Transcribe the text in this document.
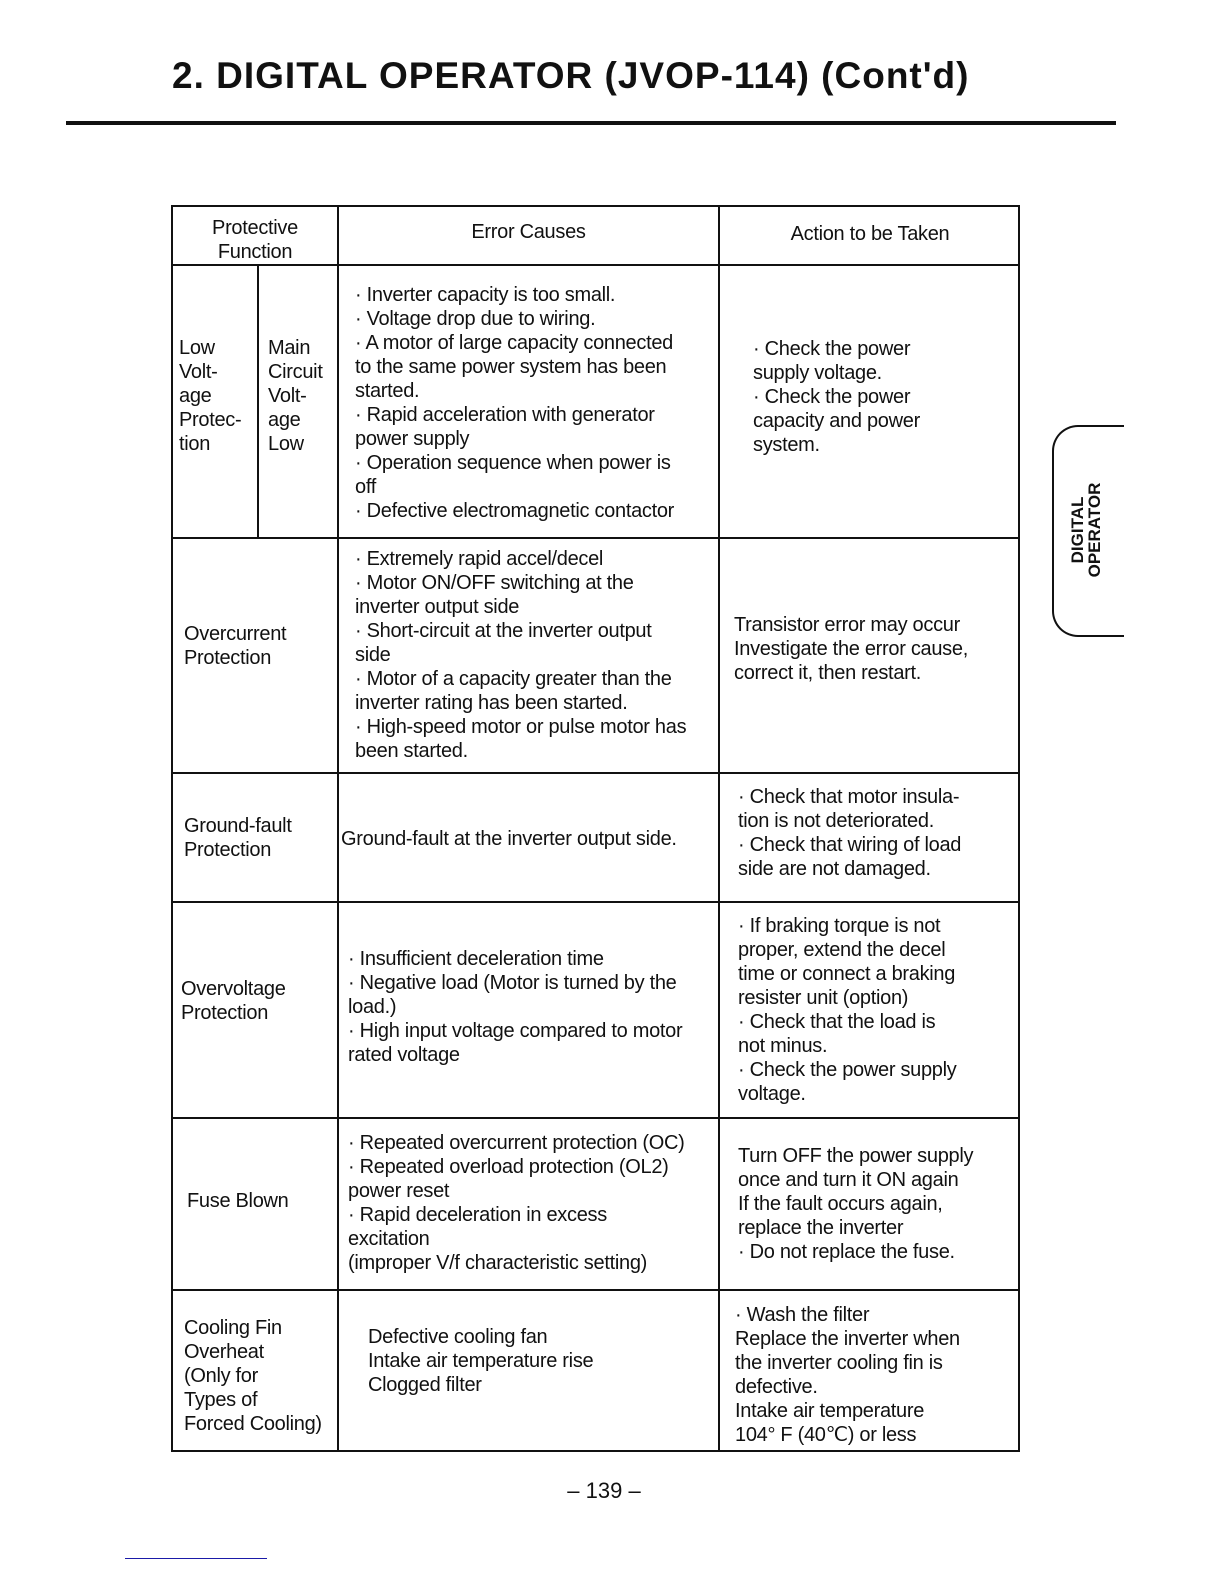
2. DIGITAL OPERATOR (JVOP-114) (Cont'd)
Protective
Function
Error Causes	Action to be Taken
Low
Volt-
age
Protec-
tion
Main
Circuit
Volt-
age
Low
· Inverter capacity is too small.
· Voltage drop due to wiring.
· A motor of large capacity connected
to the same power system has been
started.
· Rapid acceleration with generator
power supply
· Operation sequence when power is
off
· Defective electromagnetic contactor
· Check the power
supply voltage.
· Check the power
capacity and power
system.
Overcurrent
Protection
· Extremely rapid accel/decel
· Motor ON/OFF switching at the
inverter output side
· Short-circuit at the inverter output
side
· Motor of a capacity greater than the
inverter rating has been started.
· High-speed motor or pulse motor has
been started.
Transistor error may occur
Investigate the error cause,
correct it, then restart.
Ground-fault
Protection	Ground-fault at the inverter output side.
· Check that motor insula-
tion is not deteriorated.
· Check that wiring of load
side are not damaged.
Overvoltage
Protection
· Insufficient deceleration time
· Negative load (Motor is turned by the
load.)
· High input voltage compared to motor
rated voltage
· If braking torque is not
proper, extend the decel
time or connect a braking
resister unit (option)
· Check that the load is
not minus.
· Check the power supply
voltage.
Fuse Blown
· Repeated overcurrent protection (OC)
· Repeated overload protection (OL2)
power reset
· Rapid deceleration in excess
excitation
(improper V/f characteristic setting)
Turn OFF the power supply
once and turn it ON again
If the fault occurs again,
replace the inverter
· Do not replace the fuse.
Cooling Fin
Overheat
(Only for
Types of
Forced Cooling)
Defective cooling fan
Intake air temperature rise
Clogged filter
· Wash the filter
Replace the inverter when
the inverter cooling fin is
defective.
Intake air temperature
104° F (40℃) or less
DIGITAL
OPERATOR
– 139 –
